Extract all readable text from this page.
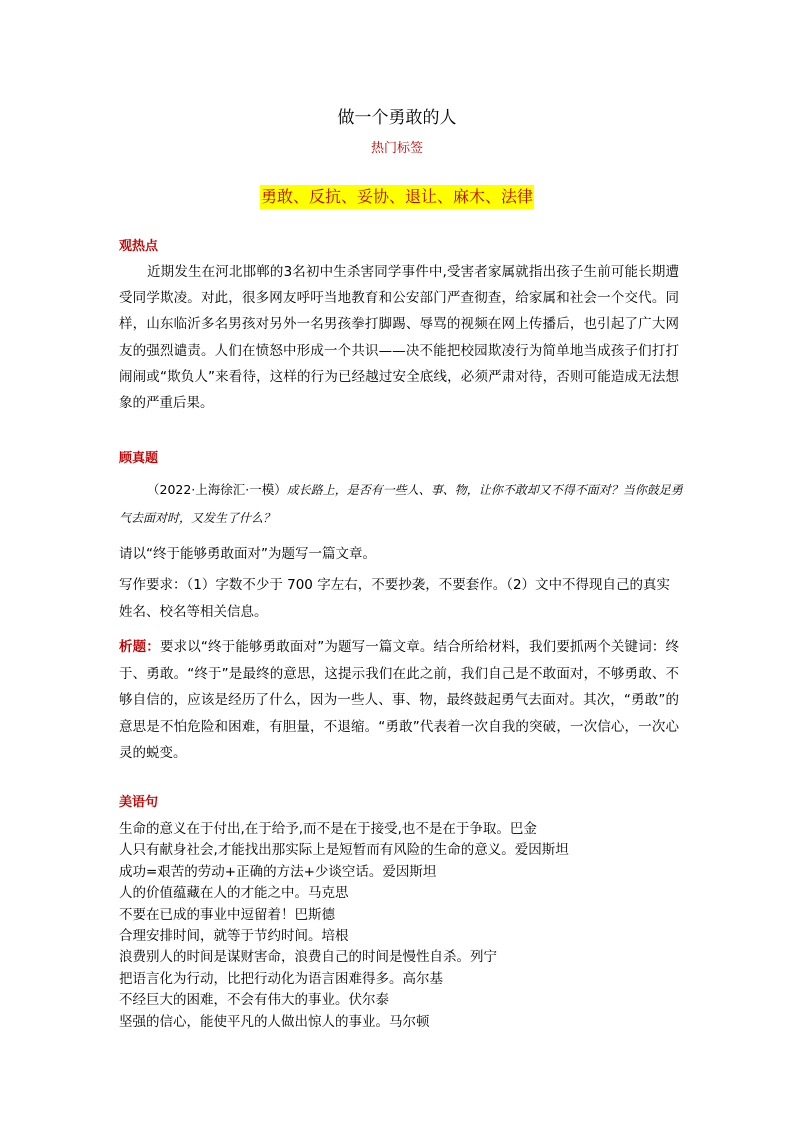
做一个勇敢的人
热门标签
勇敢、反抗、妥协、退让、麻木、法律
观热点
近期发生在河北邯郸的3名初中生杀害同学事件中,受害者家属就指出孩子生前可能长期遭受同学欺凌。对此，很多网友呼吁当地教育和公安部门严查彻查，给家属和社会一个交代。同样，山东临沂多名男孩对另外一名男孩拳打脚踢、辱骂的视频在网上传播后，也引起了广大网友的强烈谴责。人们在愤怒中形成一个共识——决不能把校园欺凌行为简单地当成孩子们打打闹闹或“欺负人”来看待，这样的行为已经越过安全底线，必须严肃对待，否则可能造成无法想象的严重后果。
顾真题
（2022·上海徐汇·一模）成长路上，是否有一些人、事、物，让你不敢却又不得不面对？当你鼓足勇气去面对时，又发生了什么？
请以“终于能够勇敢面对”为题写一篇文章。
写作要求：（1）字数不少于 700 字左右，不要抄袭，不要套作。（2）文中不得现自己的真实姓名、校名等相关信息。
析题：要求以“终于能够勇敢面对”为题写一篇文章。结合所给材料，我们要抓两个关键词：终于、勇敢。“终于”是最终的意思，这提示我们在此之前，我们自己是不敢面对，不够勇敢、不够自信的，应该是经历了什么，因为一些人、事、物，最终鼓起勇气去面对。其次，“勇敢”的意思是不怕危险和困难，有胆量，不退缩。“勇敢”代表着一次自我的突破，一次信心，一次心灵的蜕变。
美语句
生命的意义在于付出,在于给予,而不是在于接受,也不是在于争取。巴金
人只有献身社会,才能找出那实际上是短暂而有风险的生命的意义。爱因斯坦
成功=艰苦的劳动+正确的方法+少谈空话。爱因斯坦
人的价值蕴藏在人的才能之中。马克思
不要在已成的事业中逗留着！巴斯德
合理安排时间，就等于节约时间。培根
浪费别人的时间是谋财害命，浪费自己的时间是慢性自杀。列宁
把语言化为行动，比把行动化为语言困难得多。高尔基
不经巨大的困难，不会有伟大的事业。伏尔泰
坚强的信心，能使平凡的人做出惊人的事业。马尔顿
